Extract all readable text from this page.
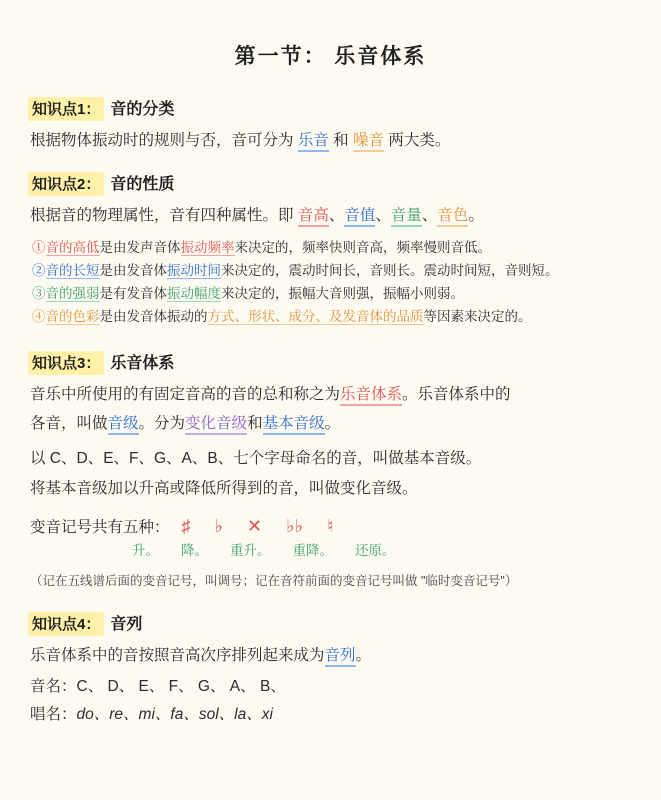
第一节： 乐音体系
知识点1： 音的分类
根据物体振动时的规则与否，音可分为 乐音 和 噪音 两大类。
知识点2： 音的性质
根据音的物理属性，音有四种属性。即 音高、音值、音量、音色。
①音的高低是由发声音体振动频率来决定的，频率快则音高，频率慢则音低。
②音的长短是由发音体振动时间来决定的，震动时间长，音则长。震动时间短，音则短。
③音的强弱是有发音体振动幅度来决定的，振幅大音则强，振幅小则弱。
④音的色彩是由发音体振动的方式、形状、成分、及发音体的品质等因素来决定的。
知识点3： 乐音体系
音乐中所使用的有固定音高的音的总和称之为乐音体系。乐音体系中的
各音，叫做音级。分为变化音级和基本音级。
以 C、D、E、F、G、A、B、七个字母命名的音，叫做基本音级。
将基本音级加以升高或降低所得到的音，叫做变化音级。
变音记号共有五种： ♯ ♭ ✕ ♭♭ ♮
升。 降。 重升。 重降。 还原。
（记在五线谱后面的变音记号，叫调号；记在音符前面的变音记号叫做 "临时变音记号"）
知识点4： 音列
乐音体系中的音按照音高次序排列起来成为音列。
音名：C、 D、 E、 F、 G、 A、 B、
唱名：do、re、mi、fa、sol、la、xi
